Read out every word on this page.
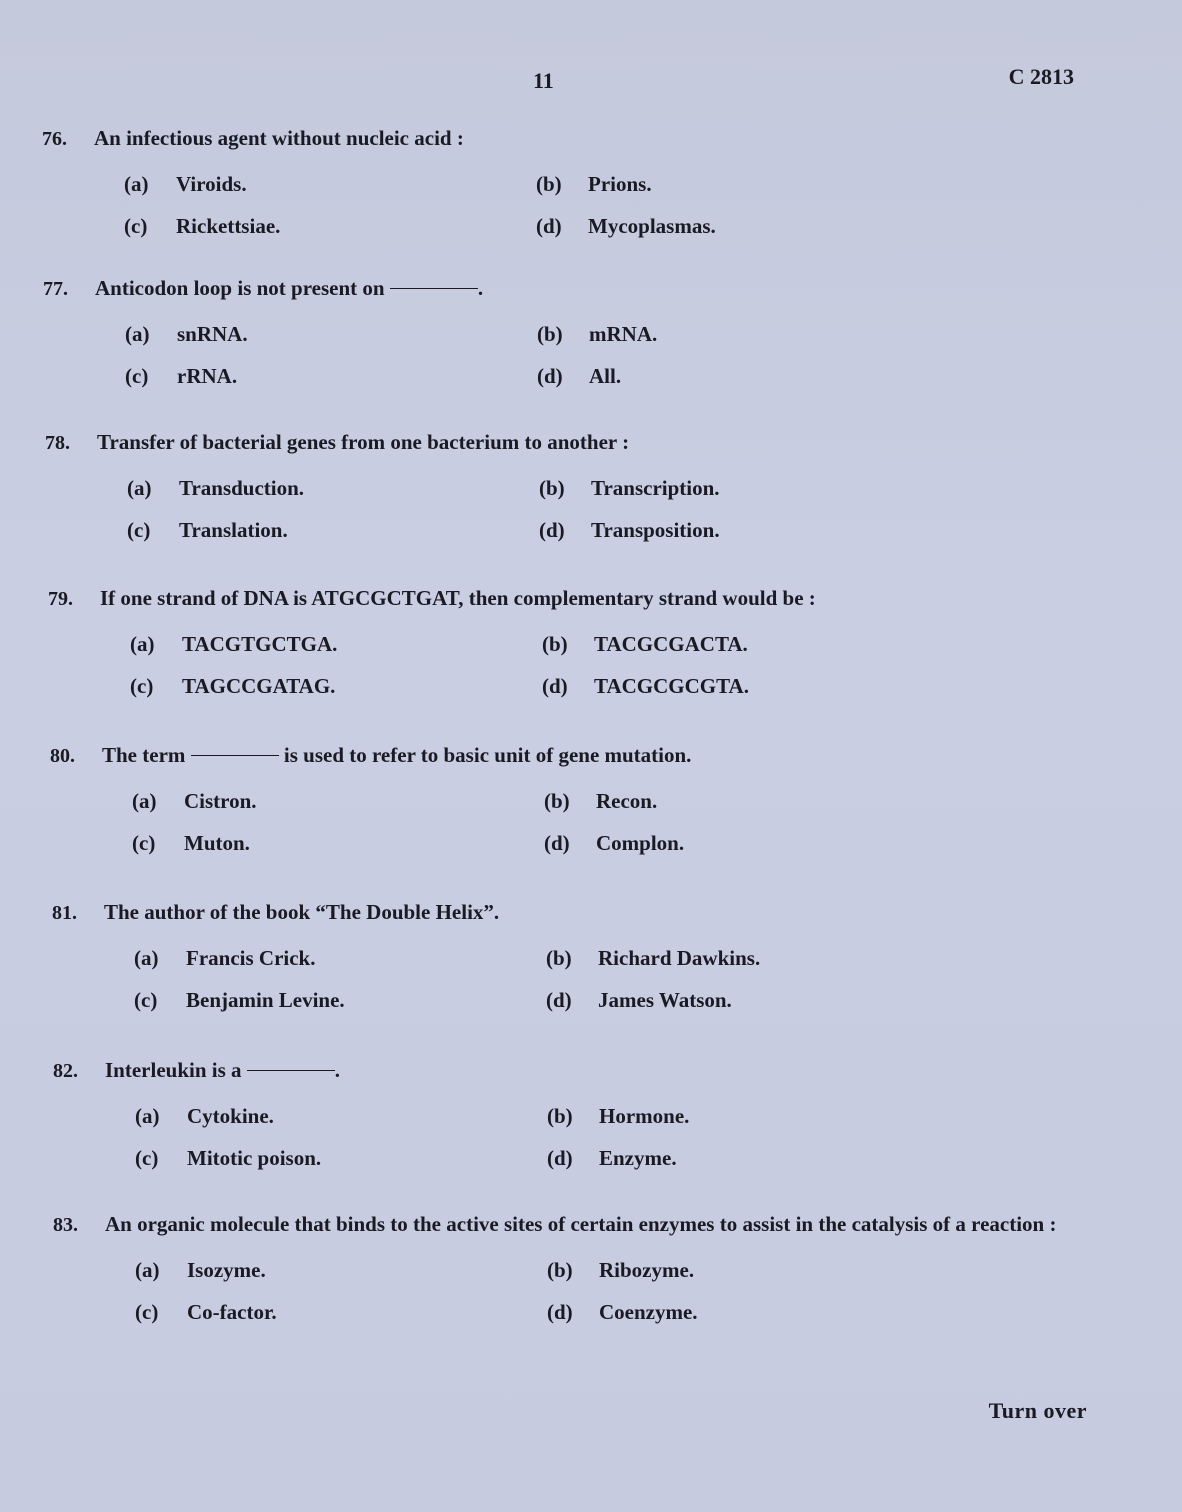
11	C 2813
76.	An infectious agent without nucleic acid :
(a)	Viroids.	(b)	Prions.
(c)	Rickettsiae.	(d)	Mycoplasmas.
77.	Anticodon loop is not present on	.
(a)	snRNA.	(b)	mRNA.
(c)	rRNA.	(d)	All.
78.	Transfer of bacterial genes from one bacterium to another :
(a)	Transduction.	(b)	Transcription.
(c)	Translation.	(d)	Transposition.
79.	If one strand of DNA is ATGCGCTGAT, then complementary strand would be :
(a)	TACGTGCTGA.	(b)	TACGCGACTA.
(c)	TAGCCGATAG.	(d)	TACGCGCGTA.
80.	The term	is used to refer to basic unit of gene mutation.
(a)	Cistron.	(b)	Recon.
(c)	Muton.	(d)	Complon.
81.	The author of the book “The Double Helix”.
(a)	Francis Crick.	(b)	Richard Dawkins.
(c)	Benjamin Levine.	(d)	James Watson.
82.	Interleukin is a	.
(a)	Cytokine.	(b)	Hormone.
(c)	Mitotic poison.	(d)	Enzyme.
83.	An organic molecule that binds to the active sites of certain enzymes to assist in the catalysis of a reaction :
(a)	Isozyme.	(b)	Ribozyme.
(c)	Co-factor.	(d)	Coenzyme.
Turn over
